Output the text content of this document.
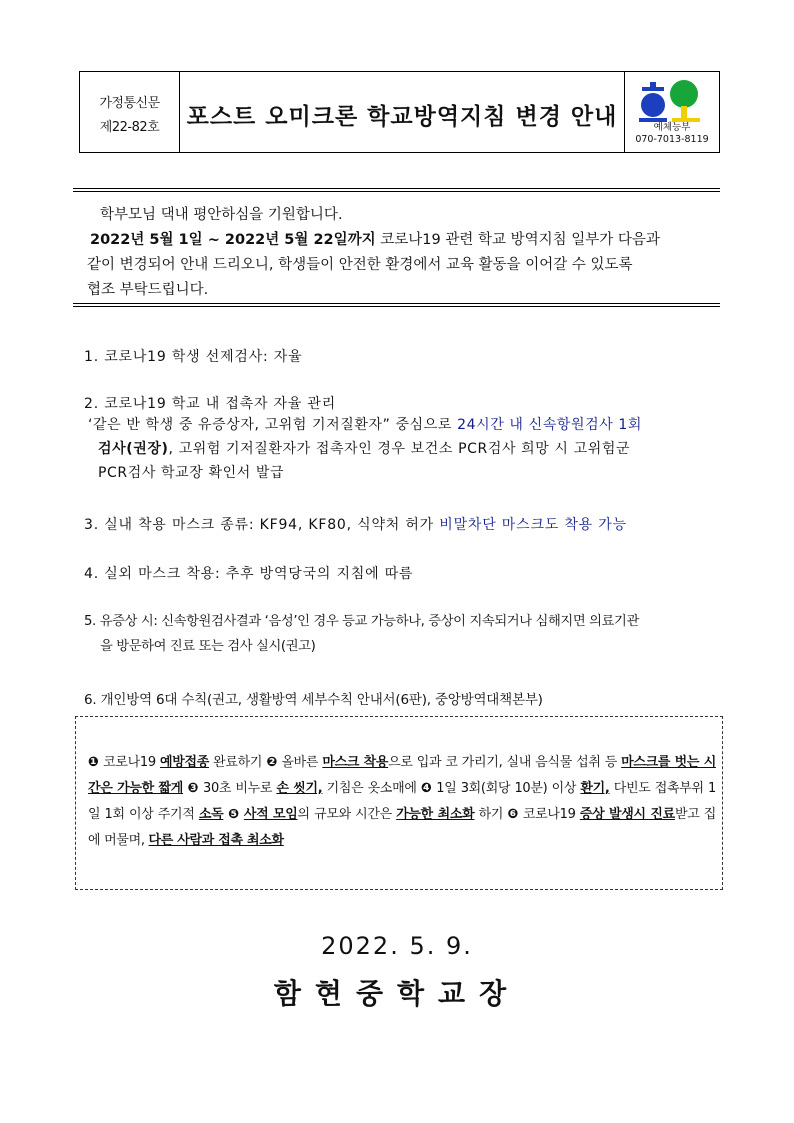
가정통신문
제22-82호	포스트 오미크론 학교방역지침 변경 안내	예체능부
070-7013-8119

학부모님 댁내 평안하심을 기원합니다.

2022년 5월 1일 ~ 2022년 5월 22일까지 코로나19 관련 학교 방역지침 일부가 다음과

같이 변경되어 안내 드리오니, 학생들이 안전한 환경에서 교육 활동을 이어갈 수 있도록

협조 부탁드립니다.

1. 코로나19 학생 선제검사: 자율
2. 코로나19 학교 내 접촉자 자율 관리
‘같은 반 학생 중 유증상자, 고위험 기저질환자” 중심으로 24시간 내 신속항원검사 1회
검사(권장), 고위험 기저질환자가 접촉자인 경우 보건소 PCR검사 희망 시 고위험군
PCR검사 학교장 확인서 발급
3. 실내 착용 마스크 종류: KF94, KF80, 식약처 허가 비말차단 마스크도 착용 가능
4. 실외 마스크 착용: 추후 방역당국의 지침에 따름
5. 유증상 시: 신속항원검사결과 ‘음성’인 경우 등교 가능하나, 증상이 지속되거나 심해지면 의료기관
을 방문하여 진료 또는 검사 실시(권고)
6. 개인방역 6대 수칙(권고, 생활방역 세부수칙 안내서(6판), 중앙방역대책본부)
❶ 코로나19 예방접종 완료하기 ❷ 올바른 마스크 착용으로 입과 코 가리기, 실내 음식물 섭취 등 마스크를 벗는 시간은 가능한 짧게 ❸ 30초 비누로 손 씻기, 기침은 옷소매에 ❹ 1일 3회(회당 10분) 이상 환기, 다빈도 접촉부위 1일 1회 이상 주기적 소독 ❺ 사적 모임의 규모와 시간은 가능한 최소화 하기 ❻ 코로나19 증상 발생시 진료받고 집에 머물며, 다른 사람과 접촉 최소화
2022. 5. 9.
함현중학교장
